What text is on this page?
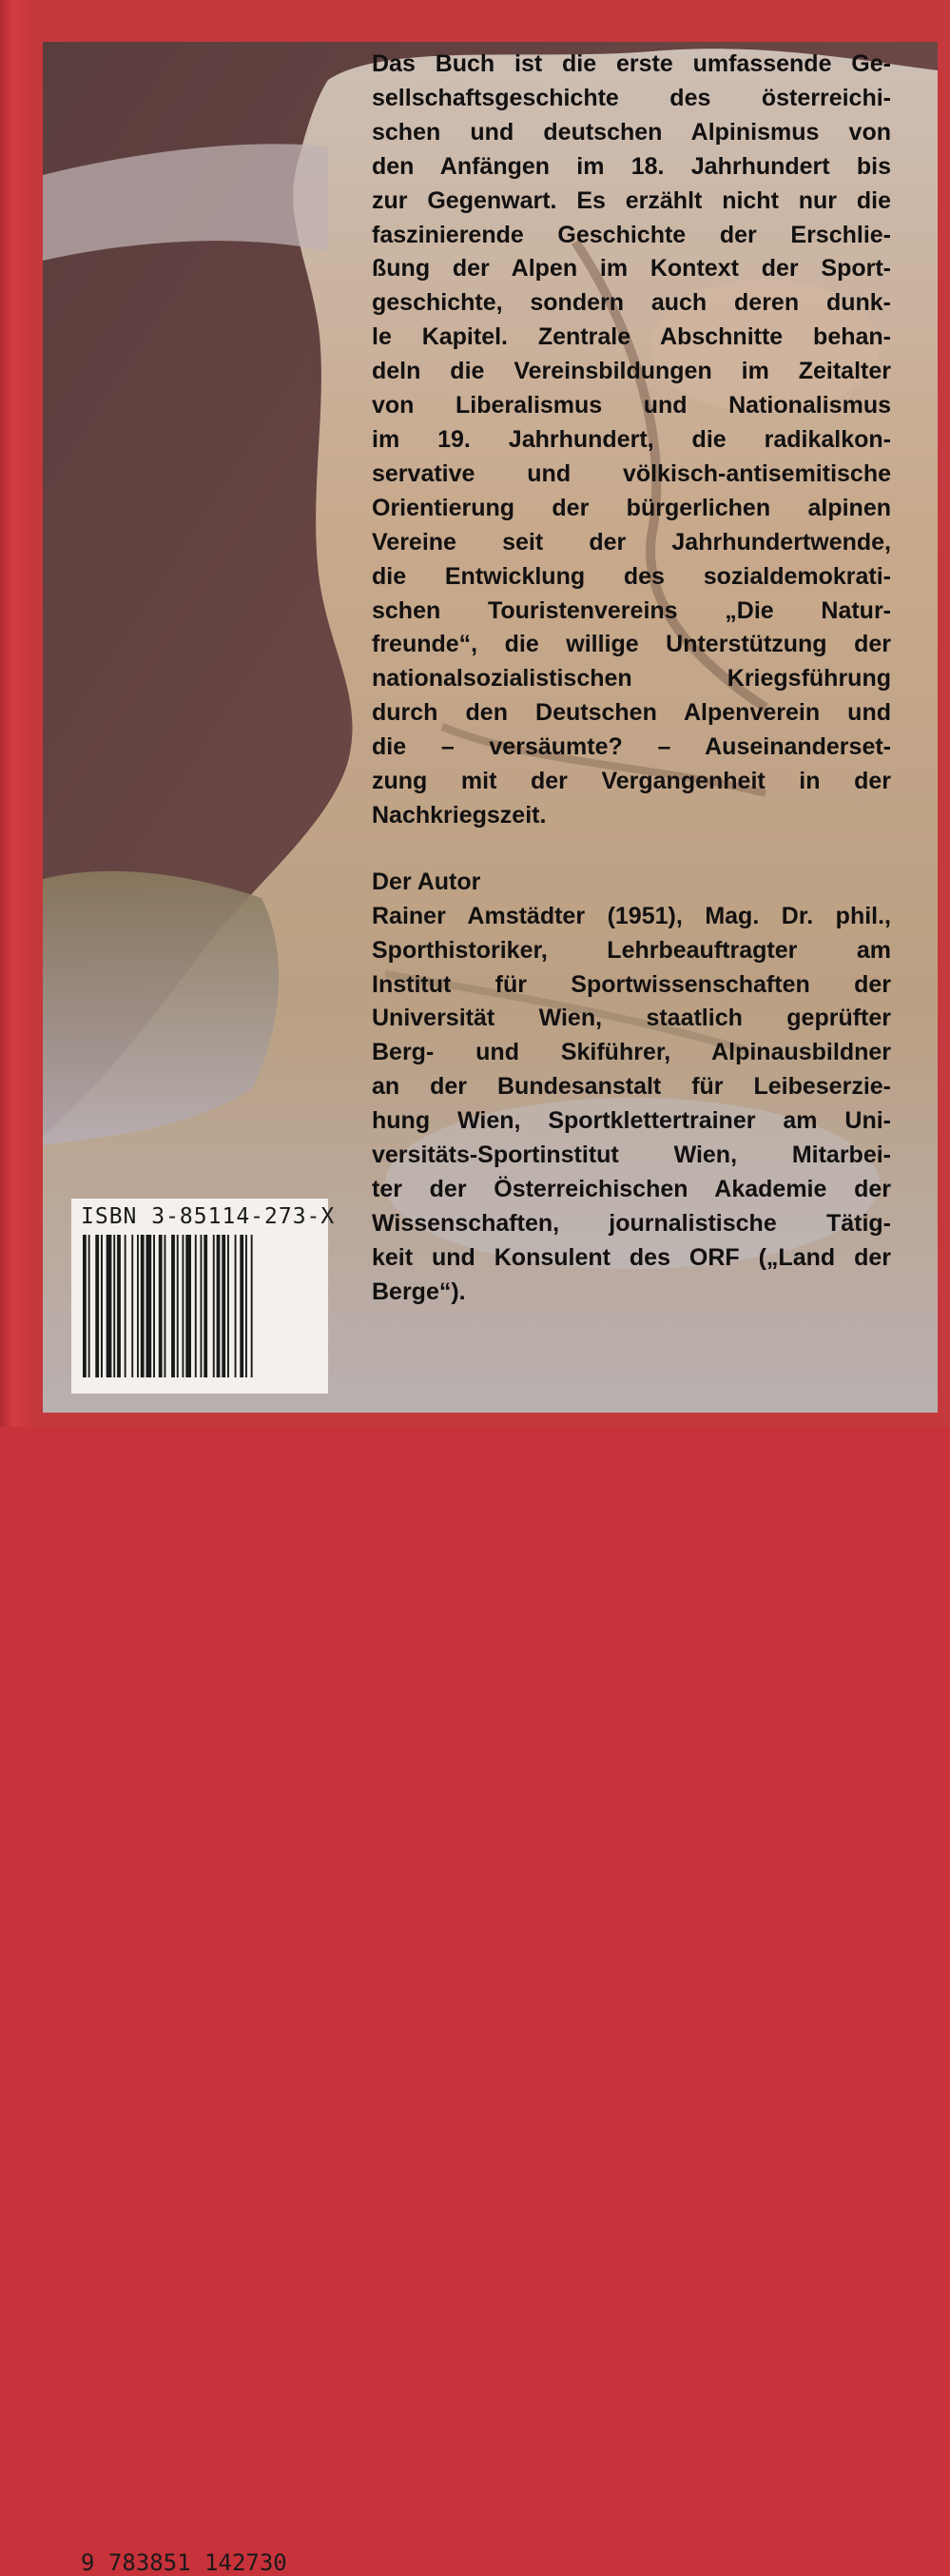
Das Buch ist die erste umfassende Ge-
sellschaftsgeschichte des österreichi-
schen und deutschen Alpinismus von
den Anfängen im 18. Jahrhundert bis
zur Gegenwart. Es erzählt nicht nur die
faszinierende Geschichte der Erschlie-
ßung der Alpen im Kontext der Sport-
geschichte, sondern auch deren dunk-
le Kapitel. Zentrale Abschnitte behan-
deln die Vereinsbildungen im Zeitalter
von Liberalismus und Nationalismus
im 19. Jahrhundert, die radikalkon-
servative und völkisch-antisemitische
Orientierung der bürgerlichen alpinen
Vereine seit der Jahrhundertwende,
die Entwicklung des sozialdemokrati-
schen Touristenvereins „Die Natur-
freunde“, die willige Unterstützung der
nationalsozialistischen Kriegsführung
durch den Deutschen Alpenverein und
die – versäumte? – Auseinanderset-
zung mit der Vergangenheit in der
Nachkriegszeit.

Der Autor

Rainer Amstädter (1951), Mag. Dr. phil.,
Sporthistoriker, Lehrbeauftragter am
Institut für Sportwissenschaften der
Universität Wien, staatlich geprüfter
Berg- und Skiführer, Alpinausbildner
an der Bundesanstalt für Leibeserzie-
hung Wien, Sportklettertrainer am Uni-
versitäts-Sportinstitut Wien, Mitarbei-
ter der Österreichischen Akademie der
Wissenschaften, journalistische Tätig-
keit und Konsulent des ORF („Land der
Berge“).

ISBN 3-85114-273-X
9 783851 142730
